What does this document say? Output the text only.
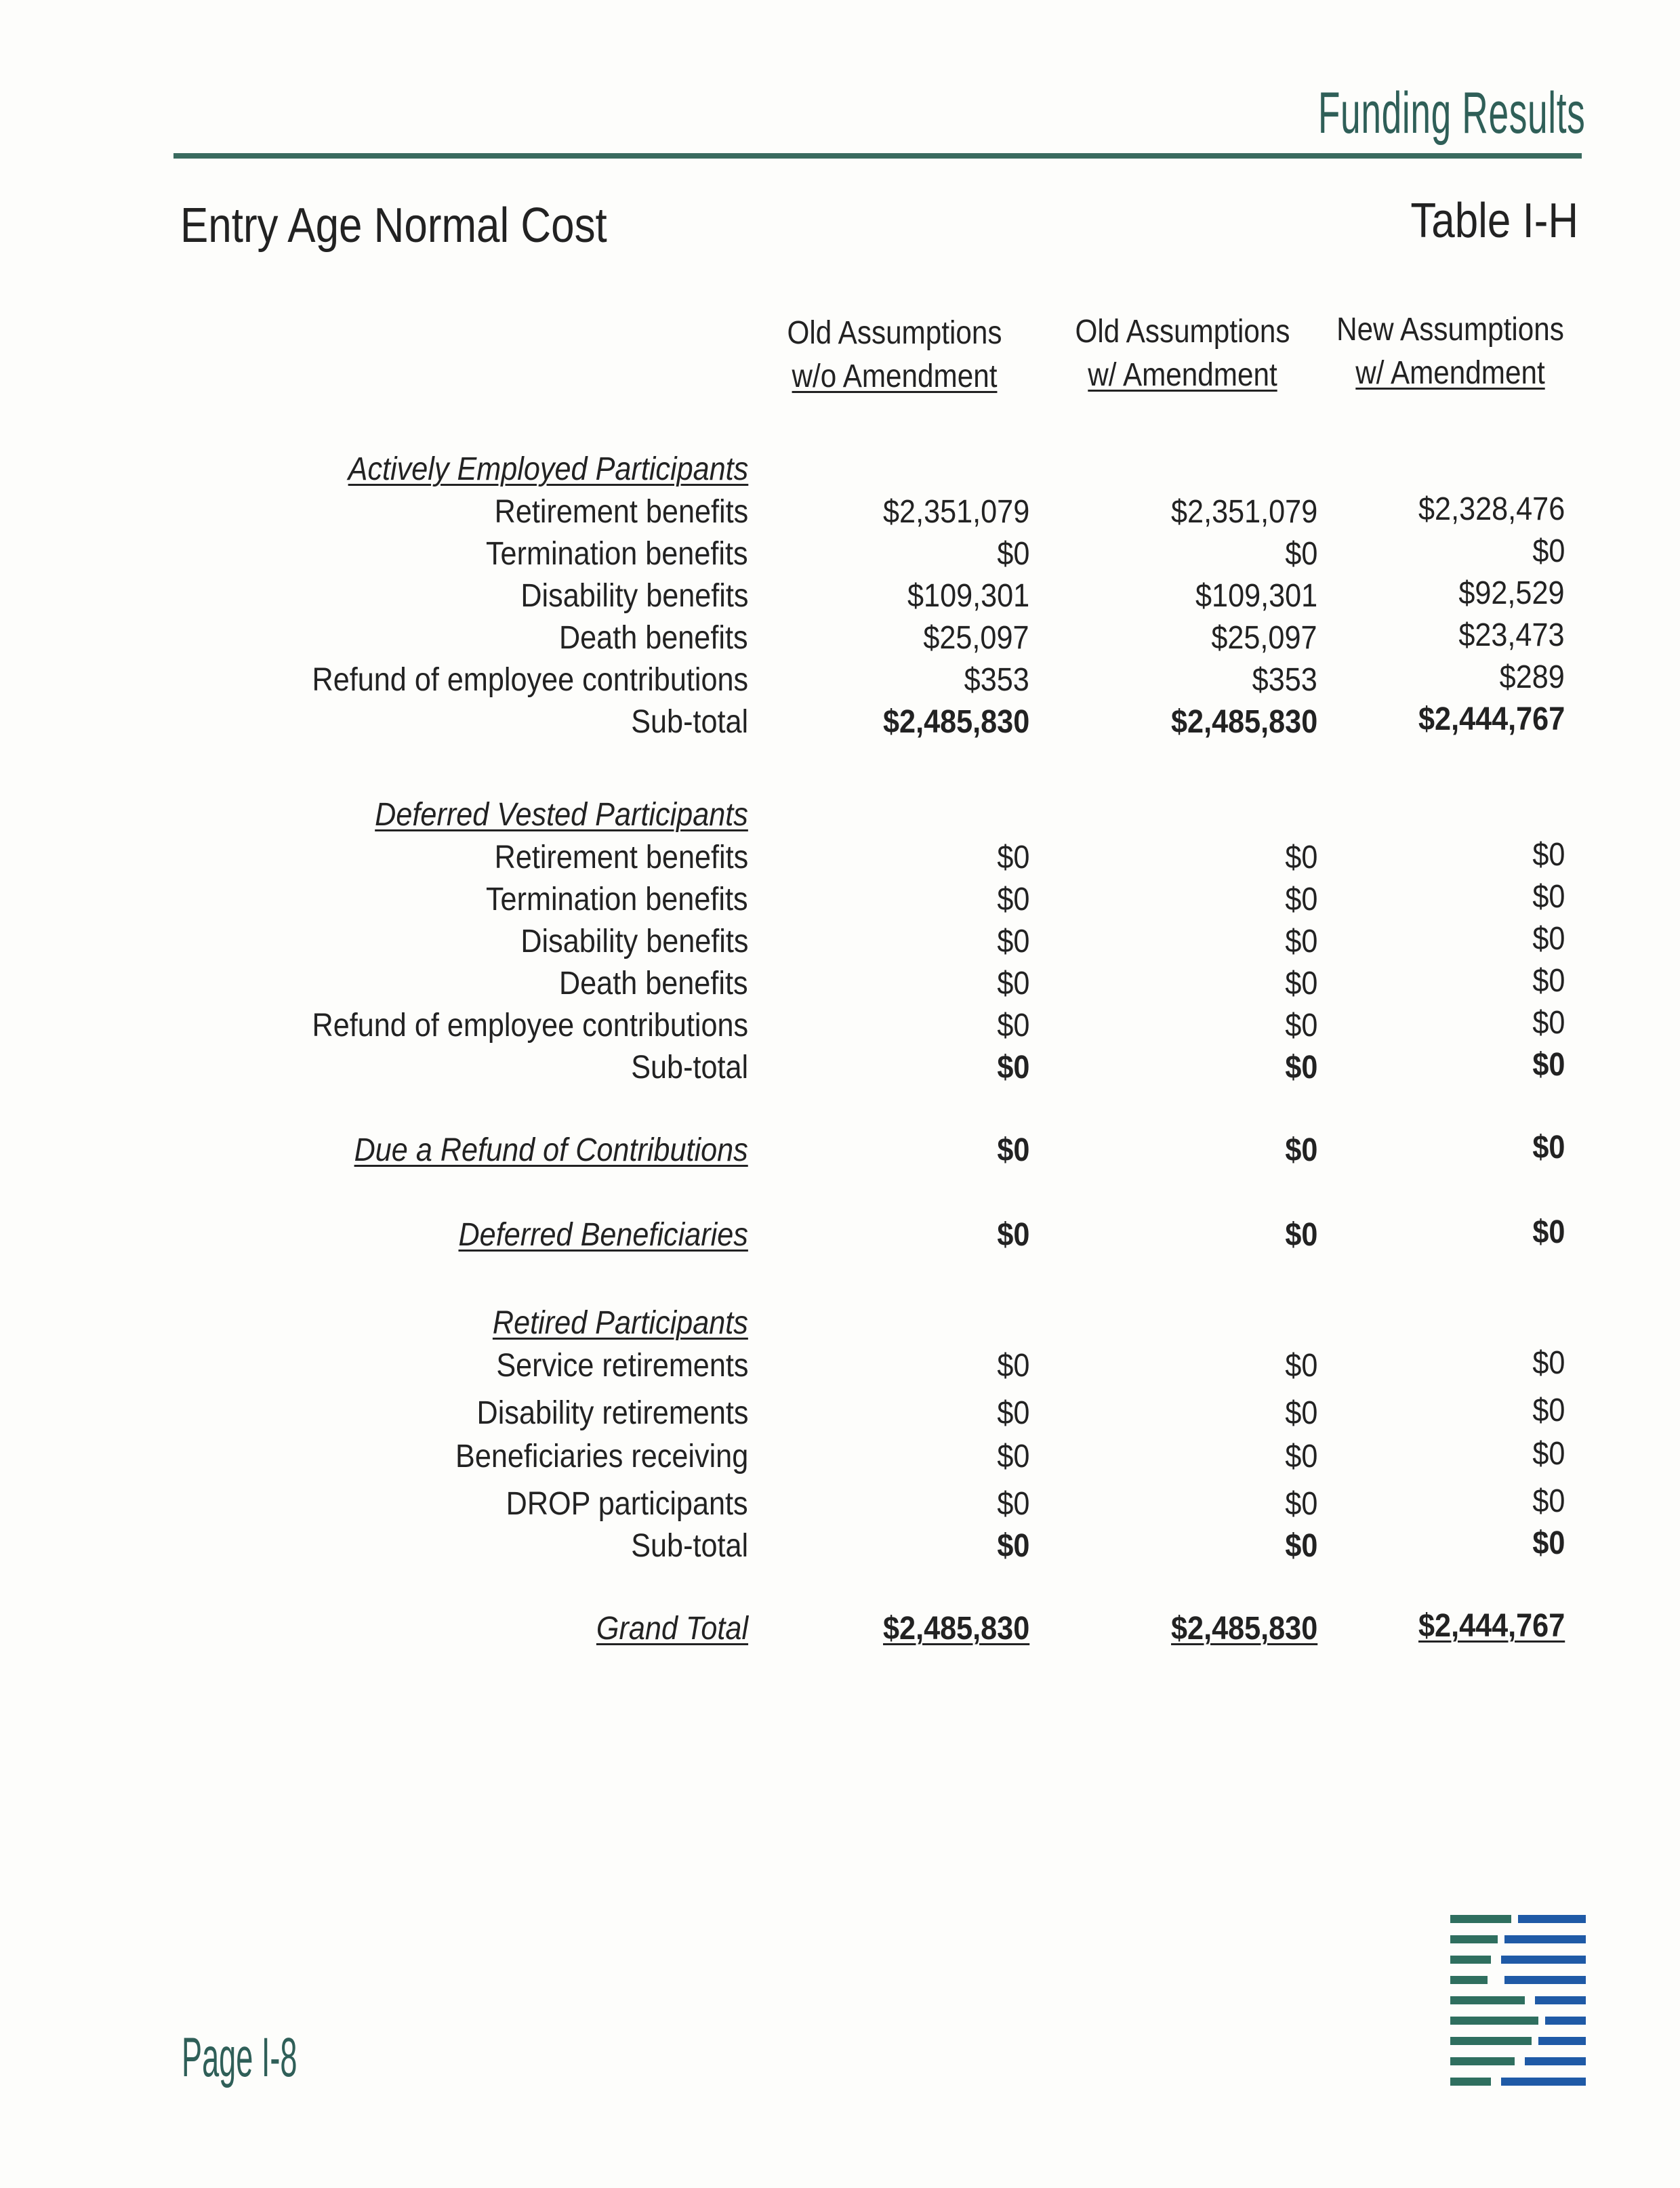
Funding Results
Entry Age Normal Cost	Table I-H
Old Assumptions
w/o Amendment
Old Assumptions
w/ Amendment
New Assumptions
w/ Amendment
Actively Employed Participants
Retirement benefits	$2,351,079	$2,351,079	$2,328,476
Termination benefits	$0	$0	$0
Disability benefits	$109,301	$109,301	$92,529
Death benefits	$25,097	$25,097	$23,473
Refund of employee contributions	$353	$353	$289
Sub-total	$2,485,830	$2,485,830	$2,444,767
Deferred Vested Participants
Retirement benefits	$0	$0	$0
Termination benefits	$0	$0	$0
Disability benefits	$0	$0	$0
Death benefits	$0	$0	$0
Refund of employee contributions	$0	$0	$0
Sub-total	$0	$0	$0
Due a Refund of Contributions	$0	$0	$0
Deferred Beneficiaries	$0	$0	$0
Retired Participants
Service retirements	$0	$0	$0
Disability retirements	$0	$0	$0
Beneficiaries receiving	$0	$0	$0
DROP participants	$0	$0	$0
Sub-total	$0	$0	$0
Grand Total	$2,485,830	$2,485,830	$2,444,767
Page I-8
